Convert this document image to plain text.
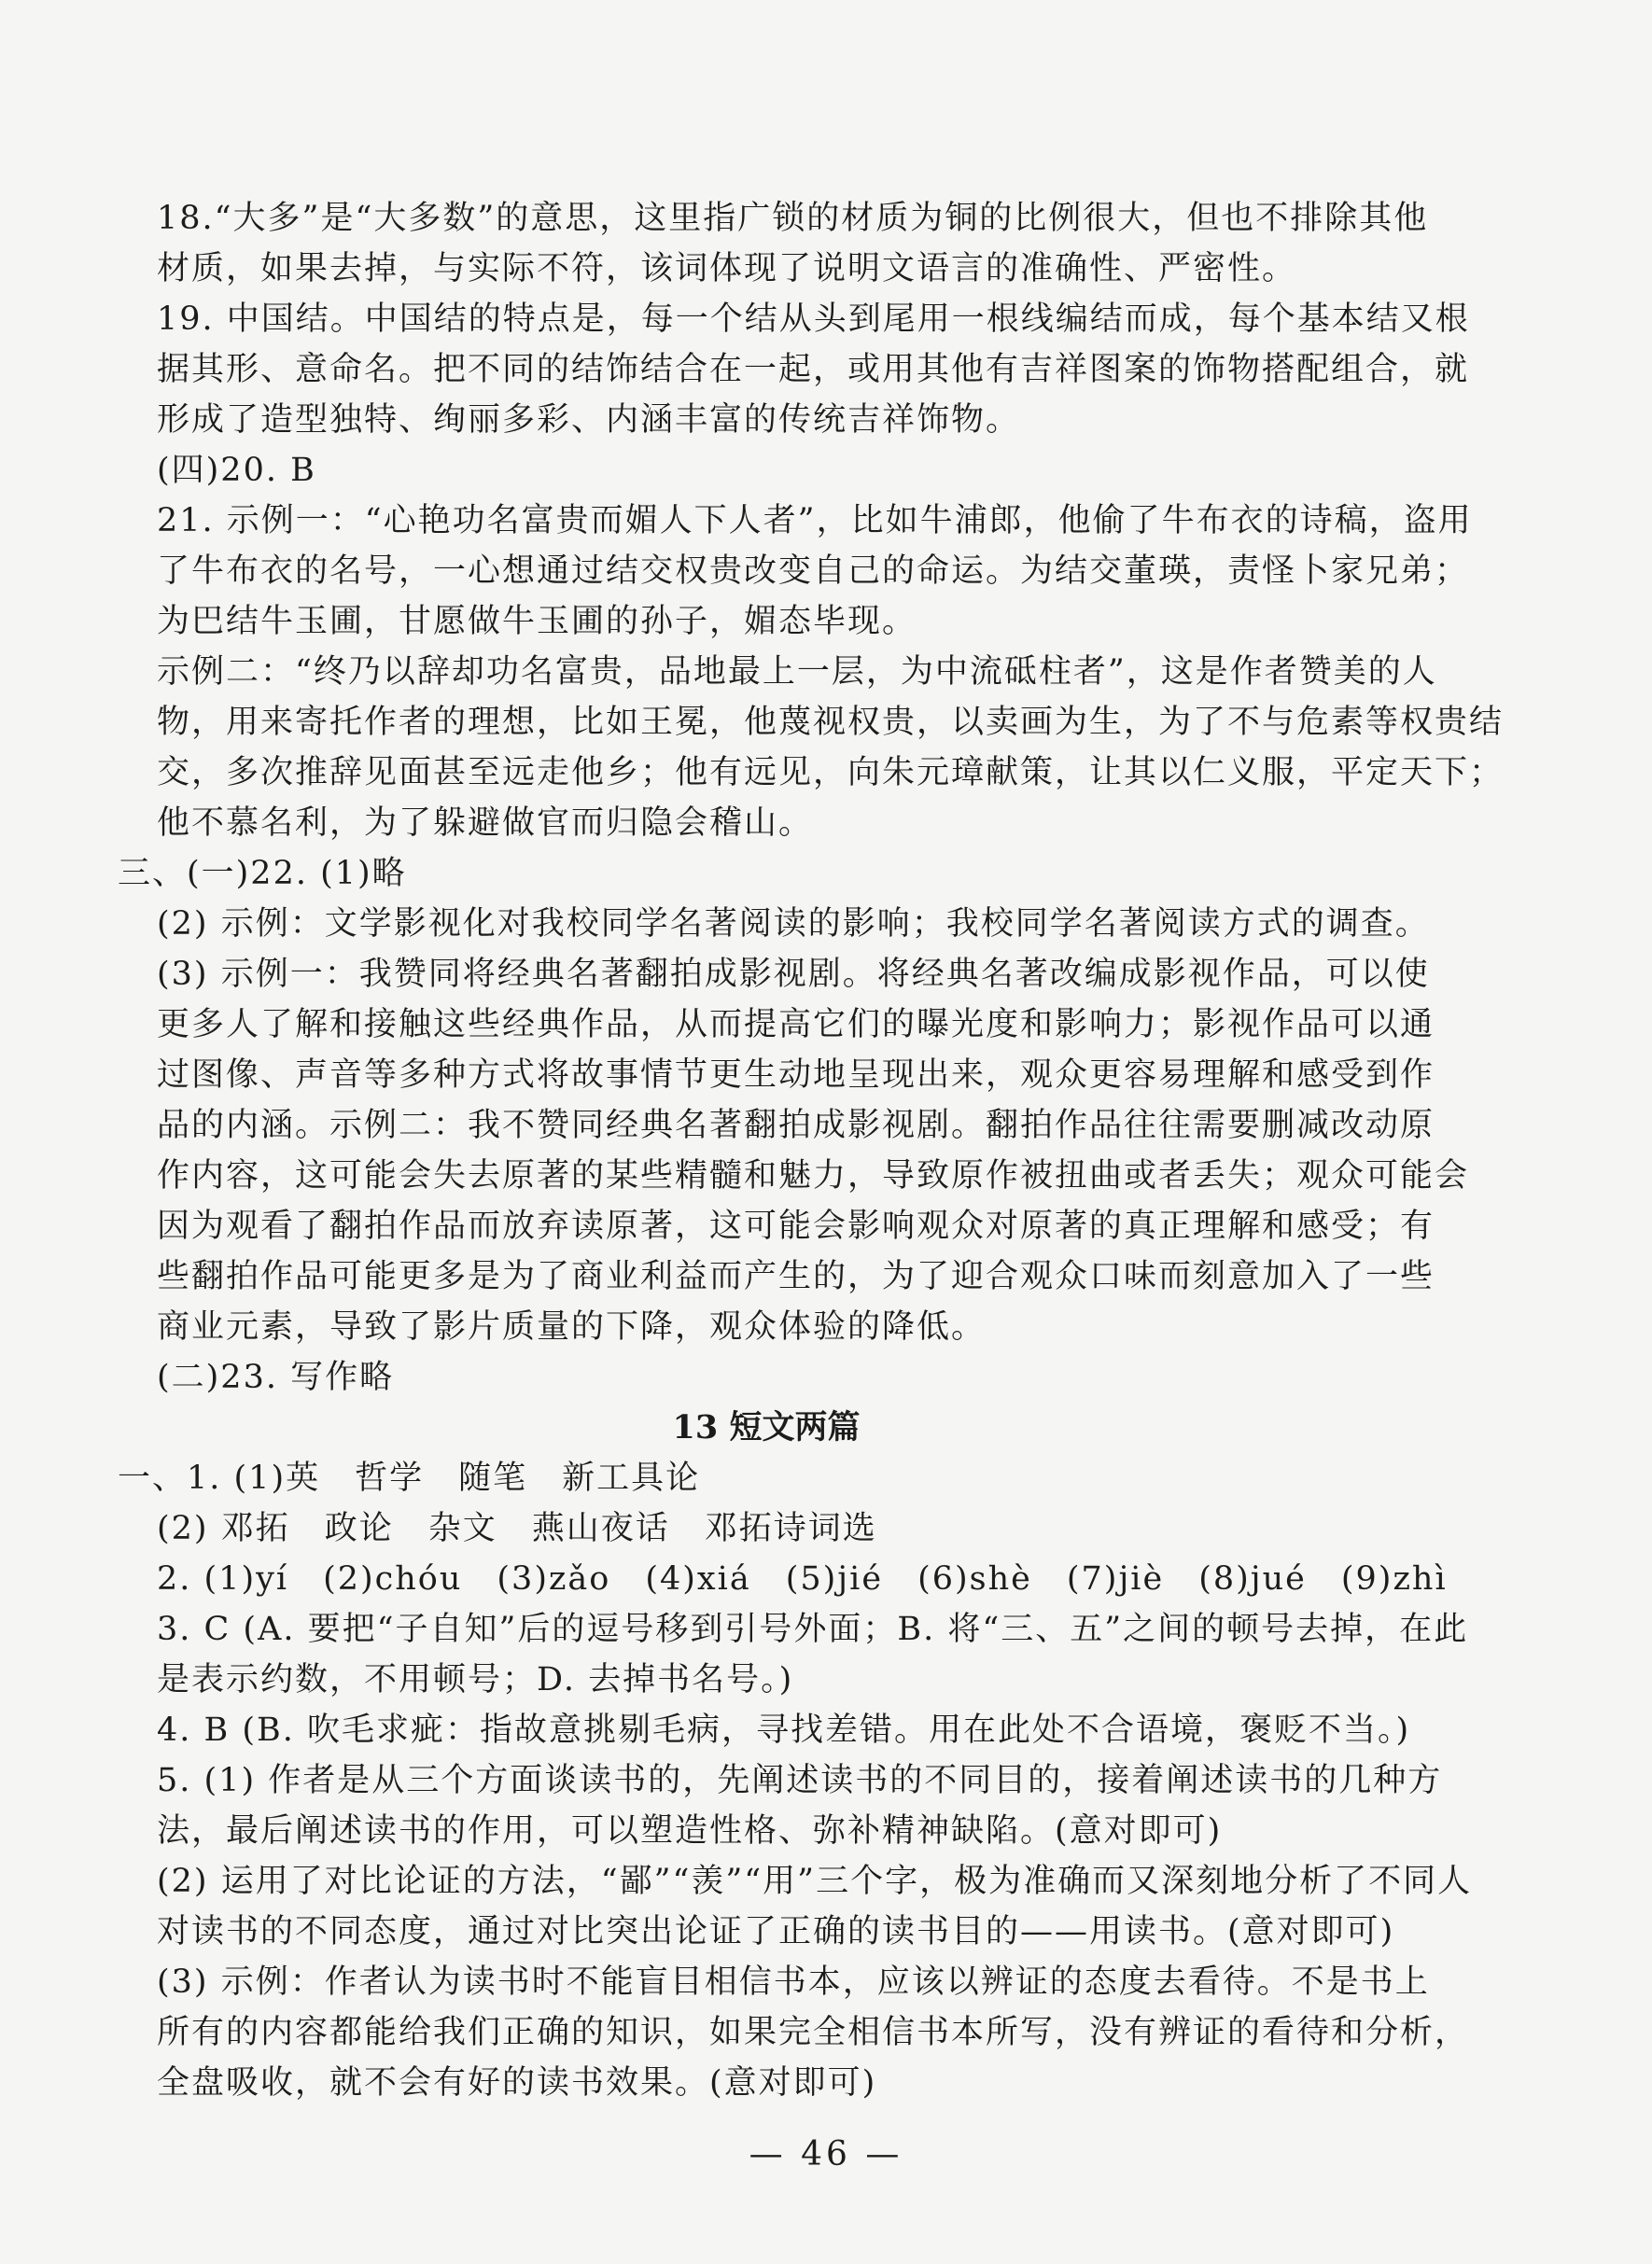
18.“大多”是“大多数”的意思，这里指广锁的材质为铜的比例很大，但也不排除其他
材质，如果去掉，与实际不符，该词体现了说明文语言的准确性、严密性。
19. 中国结。中国结的特点是，每一个结从头到尾用一根线编结而成，每个基本结又根
据其形、意命名。把不同的结饰结合在一起，或用其他有吉祥图案的饰物搭配组合，就
形成了造型独特、绚丽多彩、内涵丰富的传统吉祥饰物。
(四)20. B
21. 示例一：“心艳功名富贵而媚人下人者”，比如牛浦郎，他偷了牛布衣的诗稿，盗用
了牛布衣的名号，一心想通过结交权贵改变自己的命运。为结交董瑛，责怪卜家兄弟；
为巴结牛玉圃，甘愿做牛玉圃的孙子，媚态毕现。
示例二：“终乃以辞却功名富贵，品地最上一层，为中流砥柱者”，这是作者赞美的人
物，用来寄托作者的理想，比如王冕，他蔑视权贵，以卖画为生，为了不与危素等权贵结
交，多次推辞见面甚至远走他乡；他有远见，向朱元璋献策，让其以仁义服，平定天下；
他不慕名利，为了躲避做官而归隐会稽山。
三、(一)22. (1)略
(2) 示例：文学影视化对我校同学名著阅读的影响；我校同学名著阅读方式的调查。
(3) 示例一：我赞同将经典名著翻拍成影视剧。将经典名著改编成影视作品，可以使
更多人了解和接触这些经典作品，从而提高它们的曝光度和影响力；影视作品可以通
过图像、声音等多种方式将故事情节更生动地呈现出来，观众更容易理解和感受到作
品的内涵。示例二：我不赞同经典名著翻拍成影视剧。翻拍作品往往需要删减改动原
作内容，这可能会失去原著的某些精髓和魅力，导致原作被扭曲或者丢失；观众可能会
因为观看了翻拍作品而放弃读原著，这可能会影响观众对原著的真正理解和感受；有
些翻拍作品可能更多是为了商业利益而产生的，为了迎合观众口味而刻意加入了一些
商业元素，导致了影片质量的下降，观众体验的降低。
(二)23. 写作略
13 短文两篇
一、1. (1)英　哲学　随笔　新工具论
(2) 邓拓　政论　杂文　燕山夜话　邓拓诗词选
2. (1)yí　(2)chóu　(3)zǎo　(4)xiá　(5)jié　(6)shè　(7)jiè　(8)jué　(9)zhì
3. C (A. 要把“子自知”后的逗号移到引号外面；B. 将“三、五”之间的顿号去掉，在此
是表示约数，不用顿号；D. 去掉书名号。)
4. B (B. 吹毛求疵：指故意挑剔毛病，寻找差错。用在此处不合语境，褒贬不当。)
5. (1) 作者是从三个方面谈读书的，先阐述读书的不同目的，接着阐述读书的几种方
法，最后阐述读书的作用，可以塑造性格、弥补精神缺陷。(意对即可)
(2) 运用了对比论证的方法，“鄙”“羡”“用”三个字，极为准确而又深刻地分析了不同人
对读书的不同态度，通过对比突出论证了正确的读书目的——用读书。(意对即可)
(3) 示例：作者认为读书时不能盲目相信书本，应该以辨证的态度去看待。不是书上
所有的内容都能给我们正确的知识，如果完全相信书本所写，没有辨证的看待和分析，
全盘吸收，就不会有好的读书效果。(意对即可)
— 46 —
